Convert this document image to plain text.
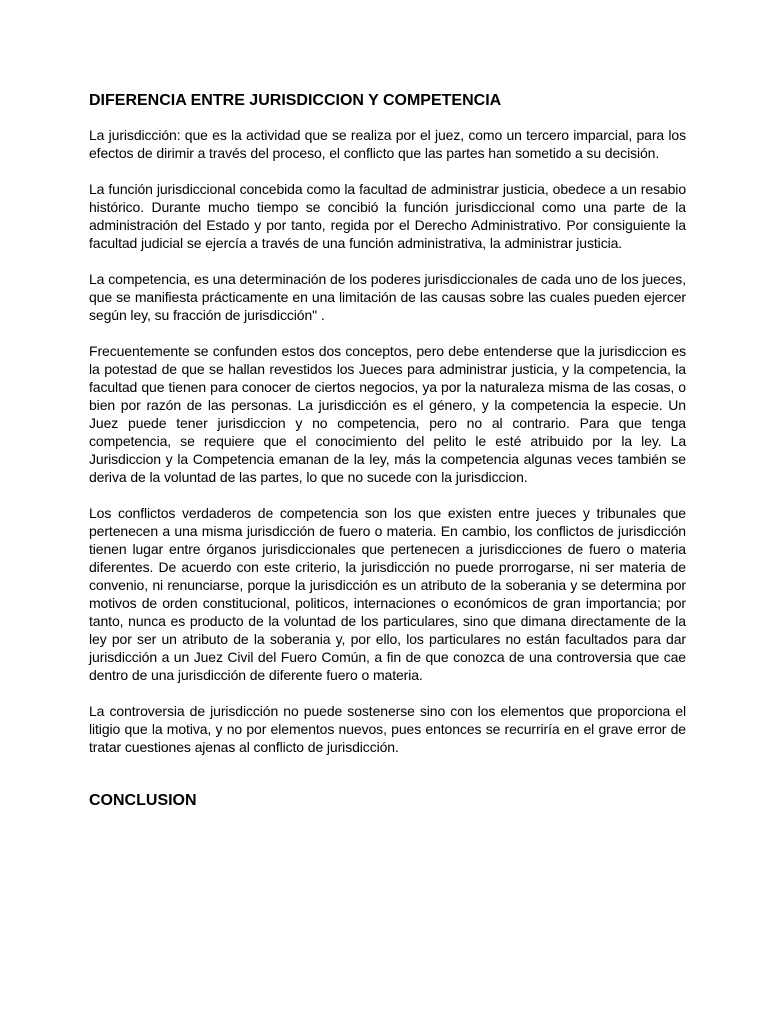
DIFERENCIA ENTRE JURISDICCION Y COMPETENCIA

La jurisdicción: que es la actividad que se realiza por el juez, como un tercero imparcial, para los efectos de dirimir a través del proceso, el conflicto que las partes han sometido a su decisión.

La función jurisdiccional concebida como la facultad de administrar justicia, obedece a un resabio histórico. Durante mucho tiempo se concibió la función jurisdiccional como una parte de la administración del Estado y por tanto, regida por el Derecho Administrativo. Por consiguiente la facultad judicial se ejercía a través de una función administrativa, la administrar justicia.

La competencia, es una determinación de los poderes jurisdiccionales de cada uno de los jueces, que se manifiesta prácticamente en una limitación de las causas sobre las cuales pueden ejercer según ley, su fracción de jurisdicción" .

Frecuentemente se confunden estos dos conceptos, pero debe entenderse que la jurisdiccion es la potestad de que se hallan revestidos los Jueces para administrar justicia, y la competencia, la facultad que tienen para conocer de ciertos negocios, ya por la naturaleza misma de las cosas, o bien por razón de las personas. La jurisdicción es el género, y la competencia la especie. Un Juez puede tener jurisdiccion y no competencia, pero no al contrario. Para que tenga competencia, se requiere que el conocimiento del pelito le esté atribuido por la ley. La Jurisdiccion y la Competencia emanan de la ley, más la competencia algunas veces también se deriva de la voluntad de las partes, lo que no sucede con la jurisdiccion.

Los conflictos verdaderos de competencia son los que existen entre jueces y tribunales que pertenecen a una misma jurisdicción de fuero o materia. En cambio, los conflictos de jurisdicción tienen lugar entre órganos jurisdiccionales que pertenecen a jurisdicciones de fuero o materia diferentes. De acuerdo con este criterio, la jurisdicción no puede prorrogarse, ni ser materia de convenio, ni renunciarse, porque la jurisdicción es un atributo de la soberania y se determina por motivos de orden constitucional, politicos, internaciones o económicos de gran importancia; por tanto, nunca es producto de la voluntad de los particulares, sino que dimana directamente de la ley por ser un atributo de la soberania y, por ello, los particulares no están facultados para dar jurisdicción a un Juez Civil del Fuero Común, a fin de que conozca de una controversia que cae dentro de una jurisdicción de diferente fuero o materia.

La controversia de jurisdicción no puede sostenerse sino con los elementos que proporciona el litigio que la motiva, y no por elementos nuevos, pues entonces se recurriría en el grave error de tratar cuestiones ajenas al conflicto de jurisdicción.

CONCLUSION
